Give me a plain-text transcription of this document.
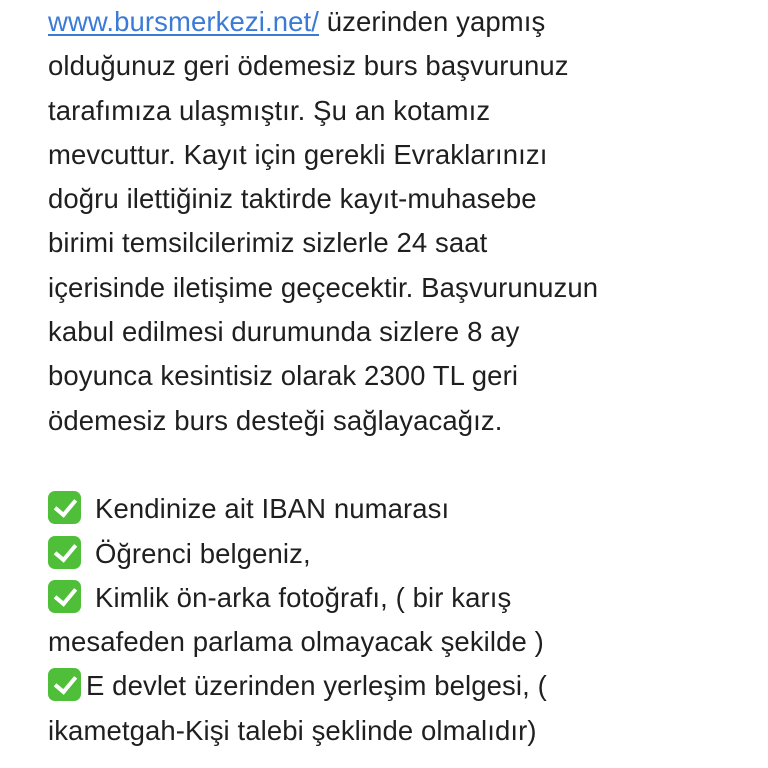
www.bursmerkezi.net/ üzerinden yapmış
olduğunuz geri ödemesiz burs başvurunuz
tarafımıza ulaşmıştır. Şu an kotamız
mevcuttur. Kayıt için gerekli Evraklarınızı
doğru ilettiğiniz taktirde kayıt-muhasebe
birimi temsilcilerimiz sizlerle 24 saat
içerisinde iletişime geçecektir. Başvurunuzun
kabul edilmesi durumunda sizlere 8 ay
boyunca kesintisiz olarak 2300 TL geri
ödemesiz burs desteği sağlayacağız.
Kendinize ait IBAN numarası
Öğrenci belgeniz,
Kimlik ön-arka fotoğrafı, ( bir karış
mesafeden parlama olmayacak şekilde )
E devlet üzerinden yerleşim belgesi, (
ikametgah-Kişi talebi şeklinde olmalıdır)
